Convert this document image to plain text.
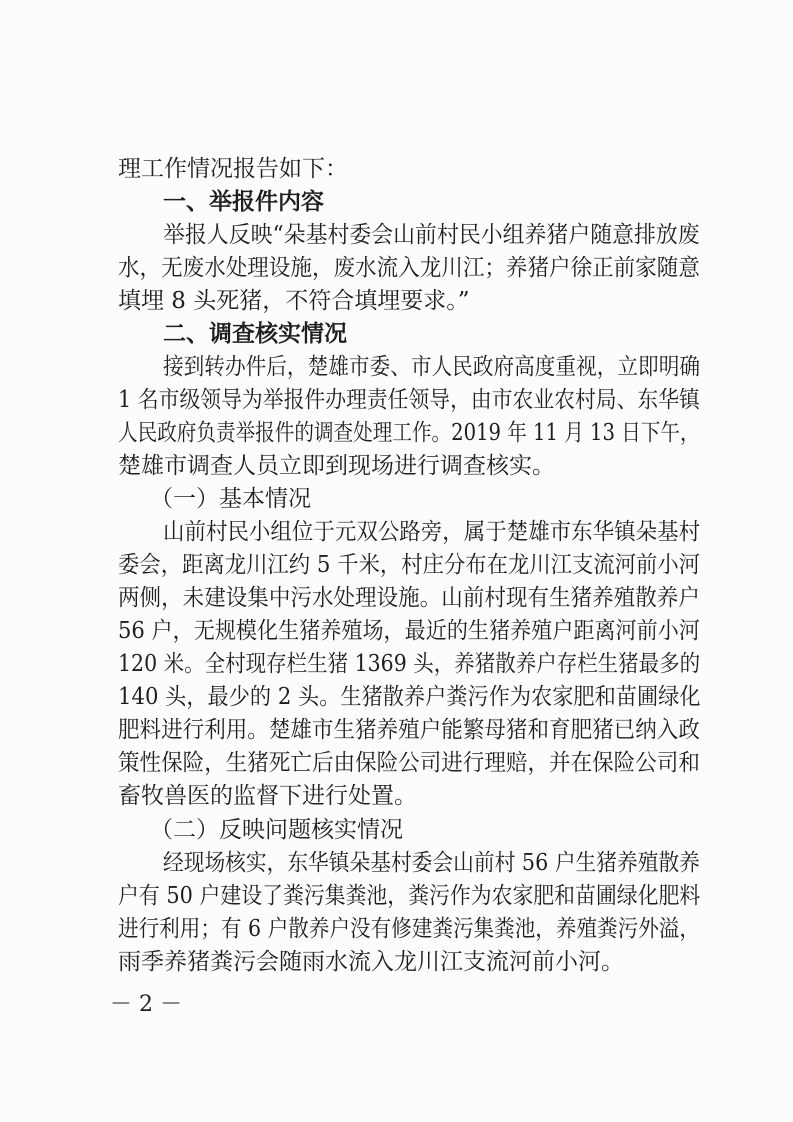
理工作情况报告如下：
一、举报件内容
举报人反映“朵基村委会山前村民小组养猪户随意排放废
水，无废水处理设施，废水流入龙川江；养猪户徐正前家随意
填埋 8 头死猪，不符合填埋要求。”
二、调查核实情况
接到转办件后，楚雄市委、市人民政府高度重视，立即明确
1 名市级领导为举报件办理责任领导，由市农业农村局、东华镇
人民政府负责举报件的调查处理工作。2019 年 11 月 13 日下午，
楚雄市调查人员立即到现场进行调查核实。
（一）基本情况
山前村民小组位于元双公路旁，属于楚雄市东华镇朵基村
委会，距离龙川江约 5 千米，村庄分布在龙川江支流河前小河
两侧，未建设集中污水处理设施。山前村现有生猪养殖散养户
56 户，无规模化生猪养殖场，最近的生猪养殖户距离河前小河
120 米。全村现存栏生猪 1369 头，养猪散养户存栏生猪最多的
140 头，最少的 2 头。生猪散养户粪污作为农家肥和苗圃绿化
肥料进行利用。楚雄市生猪养殖户能繁母猪和育肥猪已纳入政
策性保险，生猪死亡后由保险公司进行理赔，并在保险公司和
畜牧兽医的监督下进行处置。
（二）反映问题核实情况
经现场核实，东华镇朵基村委会山前村 56 户生猪养殖散养
户有 50 户建设了粪污集粪池，粪污作为农家肥和苗圃绿化肥料
进行利用；有 6 户散养户没有修建粪污集粪池，养殖粪污外溢，
雨季养猪粪污会随雨水流入龙川江支流河前小河。
－ 2 －
